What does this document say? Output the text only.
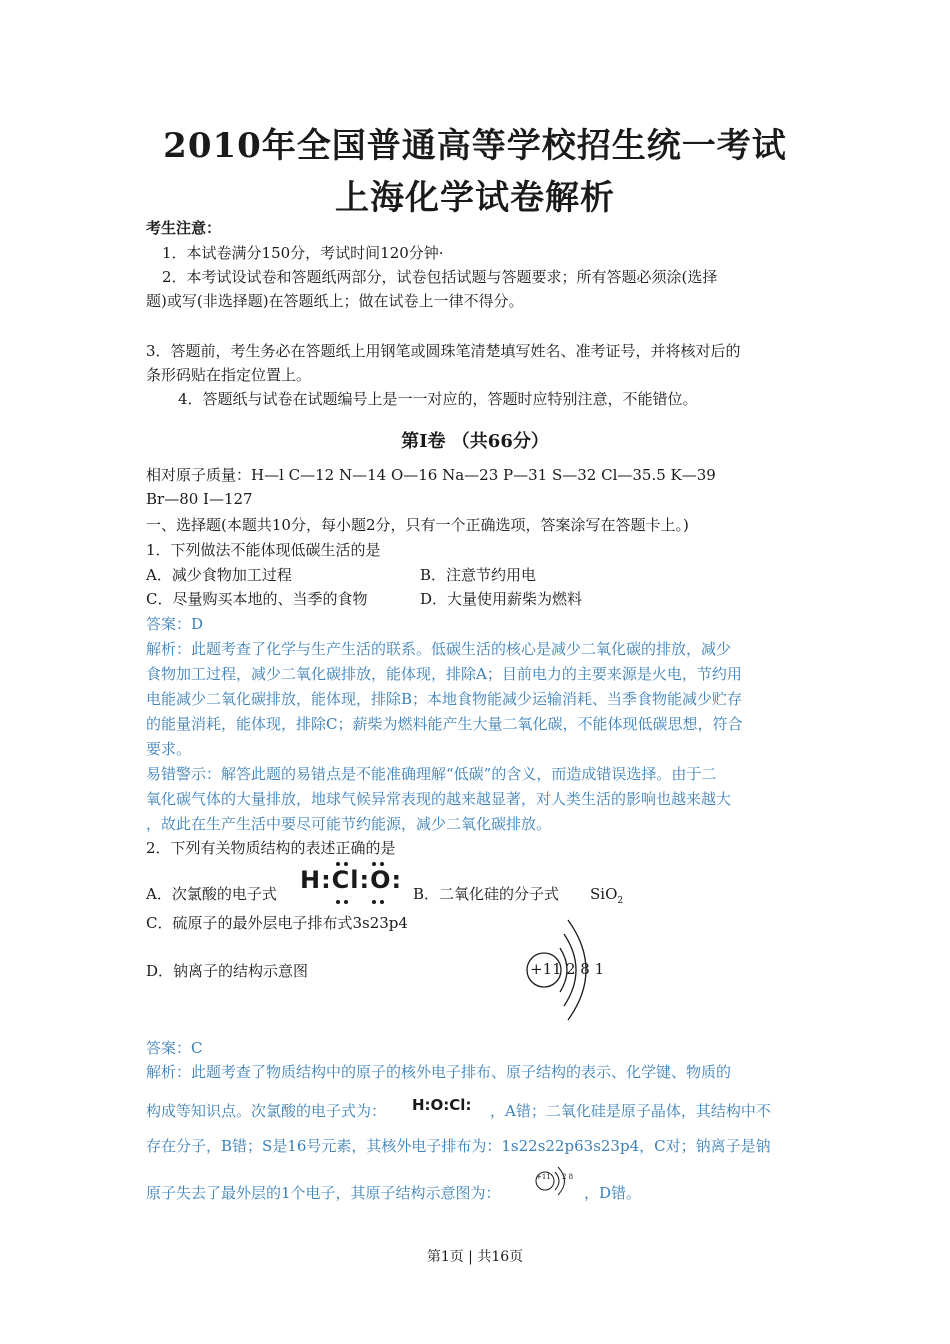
2010年全国普通高等学校招生统一考试
上海化学试卷解析
考生注意：
1．本试卷满分150分，考试时间120分钟·
2．本考试设试卷和答题纸两部分，试卷包括试题与答题要求；所有答题必须涂(选择
题)或写(非选择题)在答题纸上；做在试卷上一律不得分。
3．答题前，考生务必在答题纸上用钢笔或圆珠笔清楚填写姓名、准考证号，并将核对后的
条形码贴在指定位置上。
4．答题纸与试卷在试题编号上是一一对应的，答题时应特别注意，不能错位。
第Ⅰ卷 （共66分）
相对原子质量：H—l C—12 N—14 O—16 Na—23 P—31 S—32 Cl—35.5 K—39
Br—80 I—127
一、选择题(本题共10分，每小题2分，只有一个正确选项，答案涂写在答题卡上。)
1．下列做法不能体现低碳生活的是
A．减少食物加工过程	B．注意节约用电
C．尽量购买本地的、当季的食物	D．大量使用薪柴为燃料
答案：D
解析：此题考查了化学与生产生活的联系。低碳生活的核心是减少二氧化碳的排放，减少
食物加工过程，减少二氧化碳排放，能体现，排除A；目前电力的主要来源是火电，节约用
电能减少二氧化碳排放，能体现，排除B；本地食物能减少运输消耗、当季食物能减少贮存
的能量消耗，能体现，排除C；薪柴为燃料能产生大量二氧化碳，不能体现低碳思想，符合
要求。
易错警示：解答此题的易错点是不能准确理解“低碳”的含义，而造成错误选择。由于二
氧化碳气体的大量排放，地球气候异常表现的越来越显著，对人类生活的影响也越来越大
，故此在生产生活中要尽可能节约能源，减少二氧化碳排放。
2．下列有关物质结构的表述正确的是
A．次氯酸的电子式 H:Cl:O: B．二氧化硅的分子式 SiO$_2$
C．硫原子的最外层电子排布式3s23p4
D．钠离子的结构示意图	+11 2 8 1
答案：C
解析：此题考查了物质结构中的原子的核外电子排布、原子结构的表示、化学键、物质的
构成等知识点。次氯酸的电子式为： H:O:Cl: ，A错；二氧化硅是原子晶体，其结构中不
存在分子，B错；S是16号元素，其核外电子排布为：1s22s22p63s23p4，C对；钠离子是钠
原子失去了最外层的1个电子，其原子结构示意图为：
+11 2 8
，D错。
第1页 | 共16页
